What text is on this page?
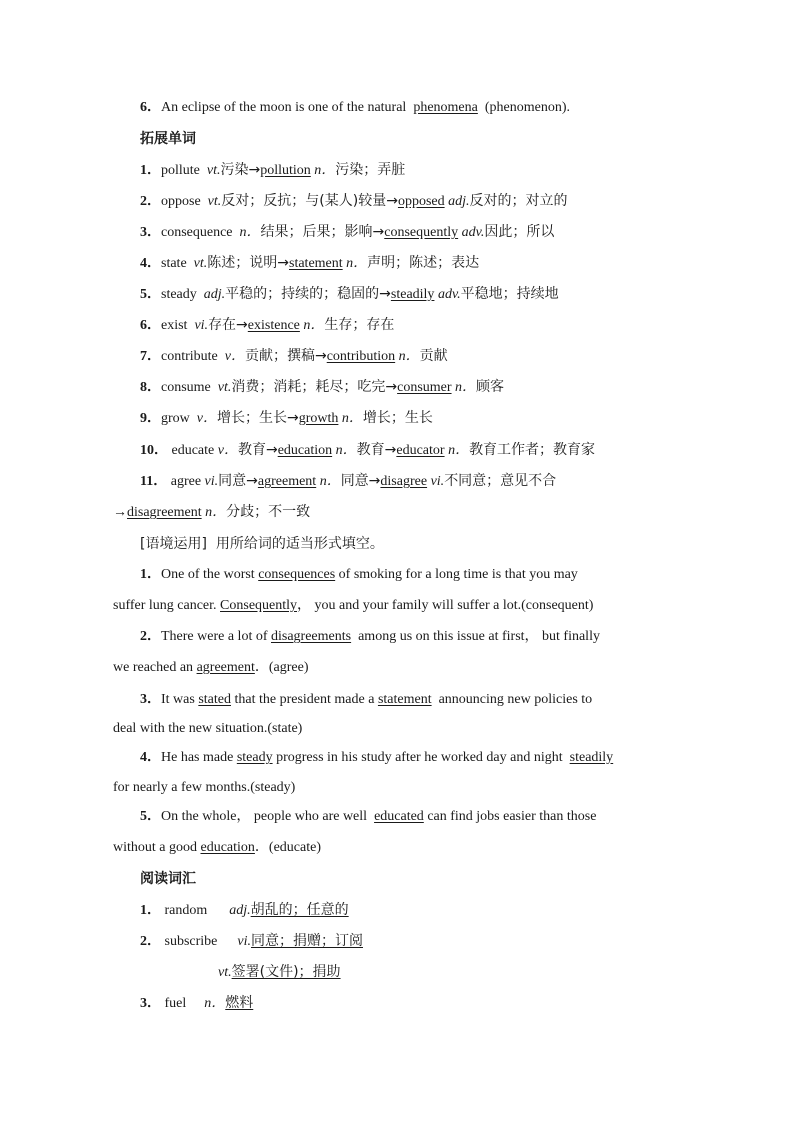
6．An eclipse of the moon is one of the natural phenomena (phenomenon).
拓展单词
1．pollute vt.污染→pollution n．污染；弄脏
2．oppose vt.反对；反抗；与(某人)较量→opposed adj.反对的；对立的
3．consequence n．结果；后果；影响→consequently adv.因此；所以
4．state vt.陈述；说明→statement n．声明；陈述；表达
5．steady adj.平稳的；持续的；稳固的→steadily adv.平稳地；持续地
6．exist vi.存在→existence n．生存；存在
7．contribute v．贡献；撰稿→contribution n．贡献
8．consume vt.消费；消耗；耗尽；吃完→consumer n．顾客
9．grow v．增长；生长→growth n．增长；生长
10． educate v．教育→education n．教育→educator n．教育工作者；教育家
11． agree vi.同意→agreement n．同意→disagree vi.不同意；意见不合
→disagreement n．分歧；不一致
[语境运用] 用所给词的适当形式填空。
1．One of the worst consequences of smoking for a long time is that you may
suffer lung cancer. Consequently， you and your family will suffer a lot.(consequent)
2．There were a lot of disagreements among us on this issue at first， but finally
we reached an agreement．(agree)
3．It was stated that the president made a statement announcing new policies to
deal with the new situation.(state)
4．He has made steady progress in his study after he worked day and night steadily
for nearly a few months.(steady)
5．On the whole， people who are well educated can find jobs easier than those
without a good education．(educate)
阅读词汇
1． random adj.胡乱的；任意的
2． subscribe vi.同意；捐赠；订阅
vt.签署(文件)；捐助
3． fuel n．燃料
